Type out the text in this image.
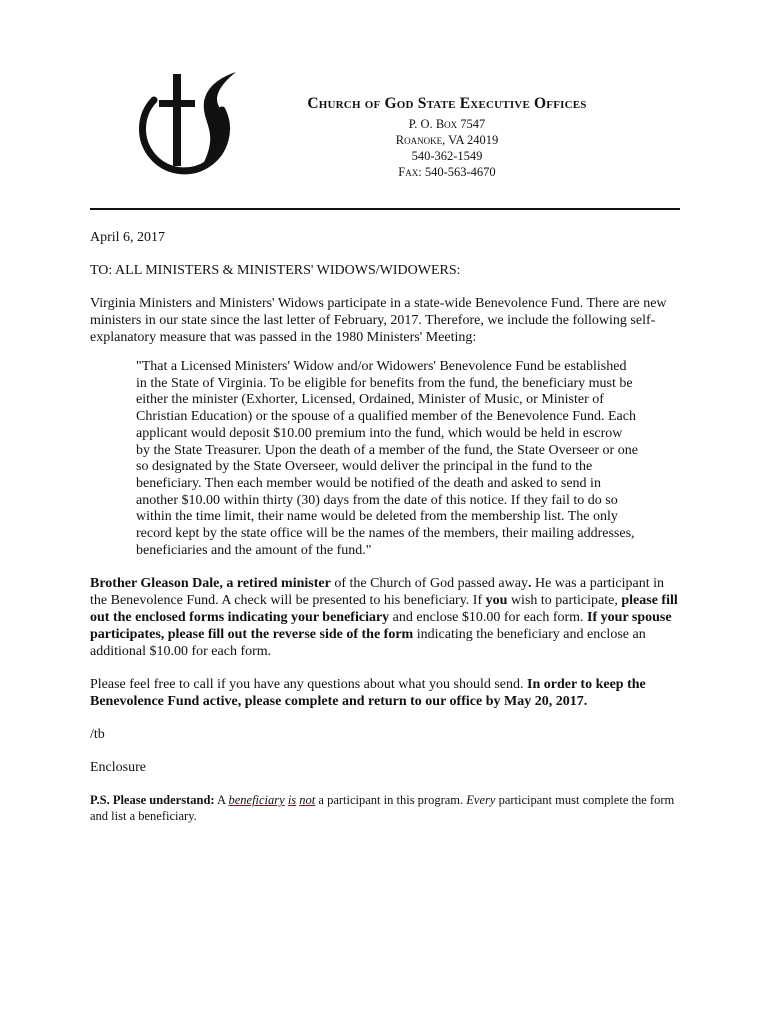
Church of God State Executive Offices
P. O. Box 7547
Roanoke, VA 24019
540-362-1549
Fax: 540-563-4670

April 6, 2017

TO: ALL MINISTERS & MINISTERS' WIDOWS/WIDOWERS:

Virginia Ministers and Ministers' Widows participate in a state-wide Benevolence Fund. There are new ministers in our state since the last letter of February, 2017. Therefore, we include the following self-explanatory measure that was passed in the 1980 Ministers' Meeting:

"That a Licensed Ministers' Widow and/or Widowers' Benevolence Fund be established in the State of Virginia. To be eligible for benefits from the fund, the beneficiary must be either the minister (Exhorter, Licensed, Ordained, Minister of Music, or Minister of Christian Education) or the spouse of a qualified member of the Benevolence Fund. Each applicant would deposit $10.00 premium into the fund, which would be held in escrow by the State Treasurer. Upon the death of a member of the fund, the State Overseer or one so designated by the State Overseer, would deliver the principal in the fund to the beneficiary. Then each member would be notified of the death and asked to send in another $10.00 within thirty (30) days from the date of this notice. If they fail to do so within the time limit, their name would be deleted from the membership list. The only record kept by the state office will be the names of the members, their mailing addresses, beneficiaries and the amount of the fund."

Brother Gleason Dale, a retired minister of the Church of God passed away. He was a participant in the Benevolence Fund. A check will be presented to his beneficiary. If you wish to participate, please fill out the enclosed forms indicating your beneficiary and enclose $10.00 for each form. If your spouse participates, please fill out the reverse side of the form indicating the beneficiary and enclose an additional $10.00 for each form.

Please feel free to call if you have any questions about what you should send. In order to keep the Benevolence Fund active, please complete and return to our office by May 20, 2017.

/tb

Enclosure

P.S. Please understand: A beneficiary is not a participant in this program. Every participant must complete the form and list a beneficiary.
